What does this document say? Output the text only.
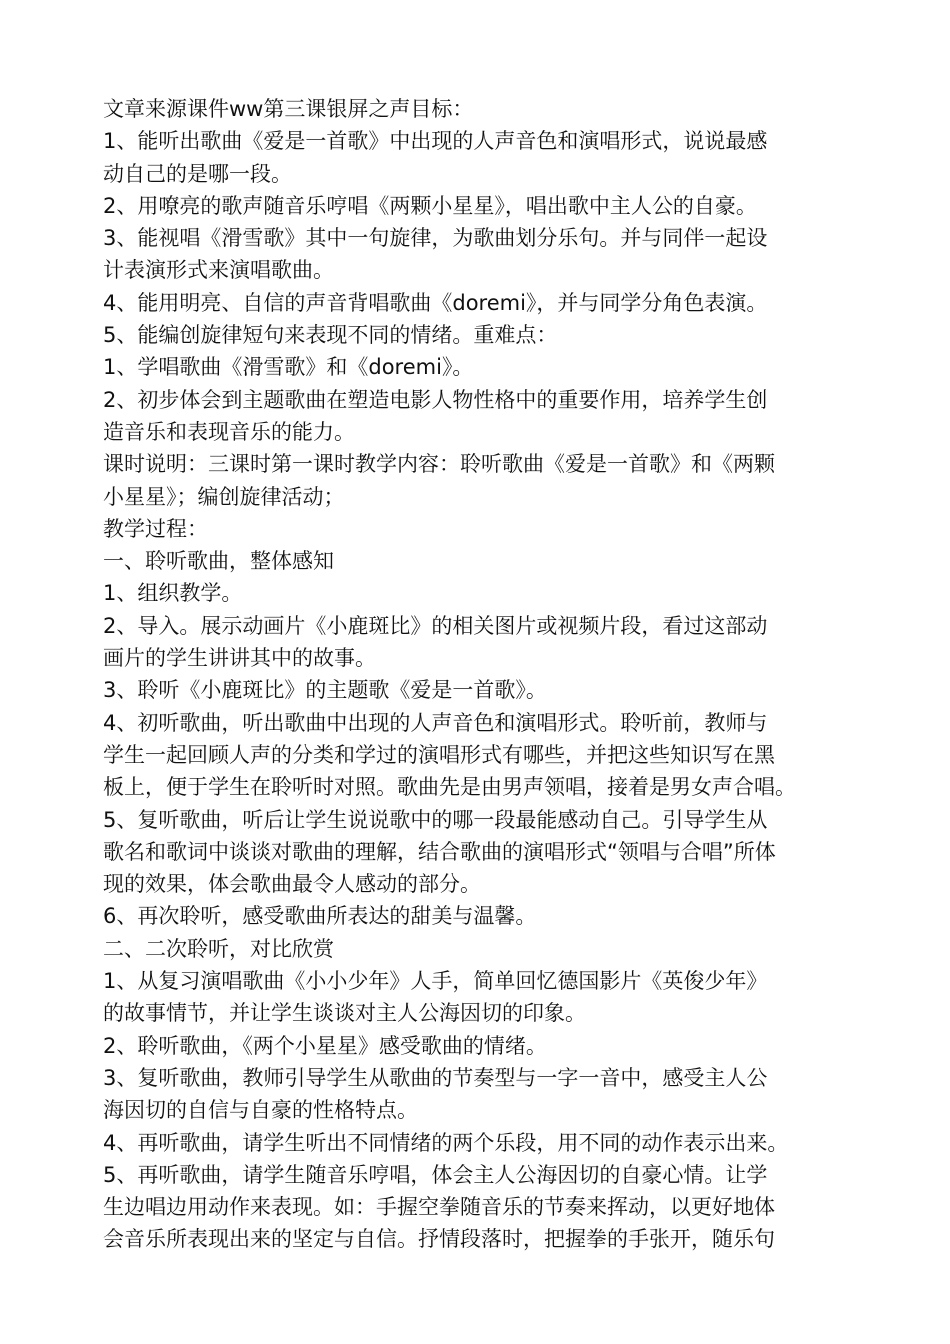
文章来源课件ww第三课银屏之声目标：

1、能听出歌曲《爱是一首歌》中出现的人声音色和演唱形式，说说最感

动自己的是哪一段。

2、用嘹亮的歌声随音乐哼唱《两颗小星星》，唱出歌中主人公的自豪。

3、能视唱《滑雪歌》其中一句旋律，为歌曲划分乐句。并与同伴一起设

计表演形式来演唱歌曲。

4、能用明亮、自信的声音背唱歌曲《doremi》，并与同学分角色表演。

5、能编创旋律短句来表现不同的情绪。重难点：

1、学唱歌曲《滑雪歌》和《doremi》。

2、初步体会到主题歌曲在塑造电影人物性格中的重要作用，培养学生创

造音乐和表现音乐的能力。

课时说明：三课时第一课时教学内容：聆听歌曲《爱是一首歌》和《两颗

小星星》；编创旋律活动；

教学过程：

一、聆听歌曲，整体感知

1、组织教学。

2、导入。展示动画片《小鹿斑比》的相关图片或视频片段，看过这部动

画片的学生讲讲其中的故事。

3、聆听《小鹿斑比》的主题歌《爱是一首歌》。

4、初听歌曲，听出歌曲中出现的人声音色和演唱形式。聆听前，教师与

学生一起回顾人声的分类和学过的演唱形式有哪些，并把这些知识写在黑

板上，便于学生在聆听时对照。歌曲先是由男声领唱，接着是男女声合唱。

5、复听歌曲，听后让学生说说歌中的哪一段最能感动自己。引导学生从

歌名和歌词中谈谈对歌曲的理解，结合歌曲的演唱形式“领唱与合唱”所体

现的效果，体会歌曲最令人感动的部分。

6、再次聆听，感受歌曲所表达的甜美与温馨。

二、二次聆听，对比欣赏

1、从复习演唱歌曲《小小少年》人手，简单回忆德国影片《英俊少年》

的故事情节，并让学生谈谈对主人公海因切的印象。

2、聆听歌曲，《两个小星星》感受歌曲的情绪。

3、复听歌曲，教师引导学生从歌曲的节奏型与一字一音中，感受主人公

海因切的自信与自豪的性格特点。

4、再听歌曲，请学生听出不同情绪的两个乐段，用不同的动作表示出来。

5、再听歌曲，请学生随音乐哼唱，体会主人公海因切的自豪心情。让学

生边唱边用动作来表现。如：手握空拳随音乐的节奏来挥动，以更好地体

会音乐所表现出来的坚定与自信。抒情段落时，把握拳的手张开，随乐句
